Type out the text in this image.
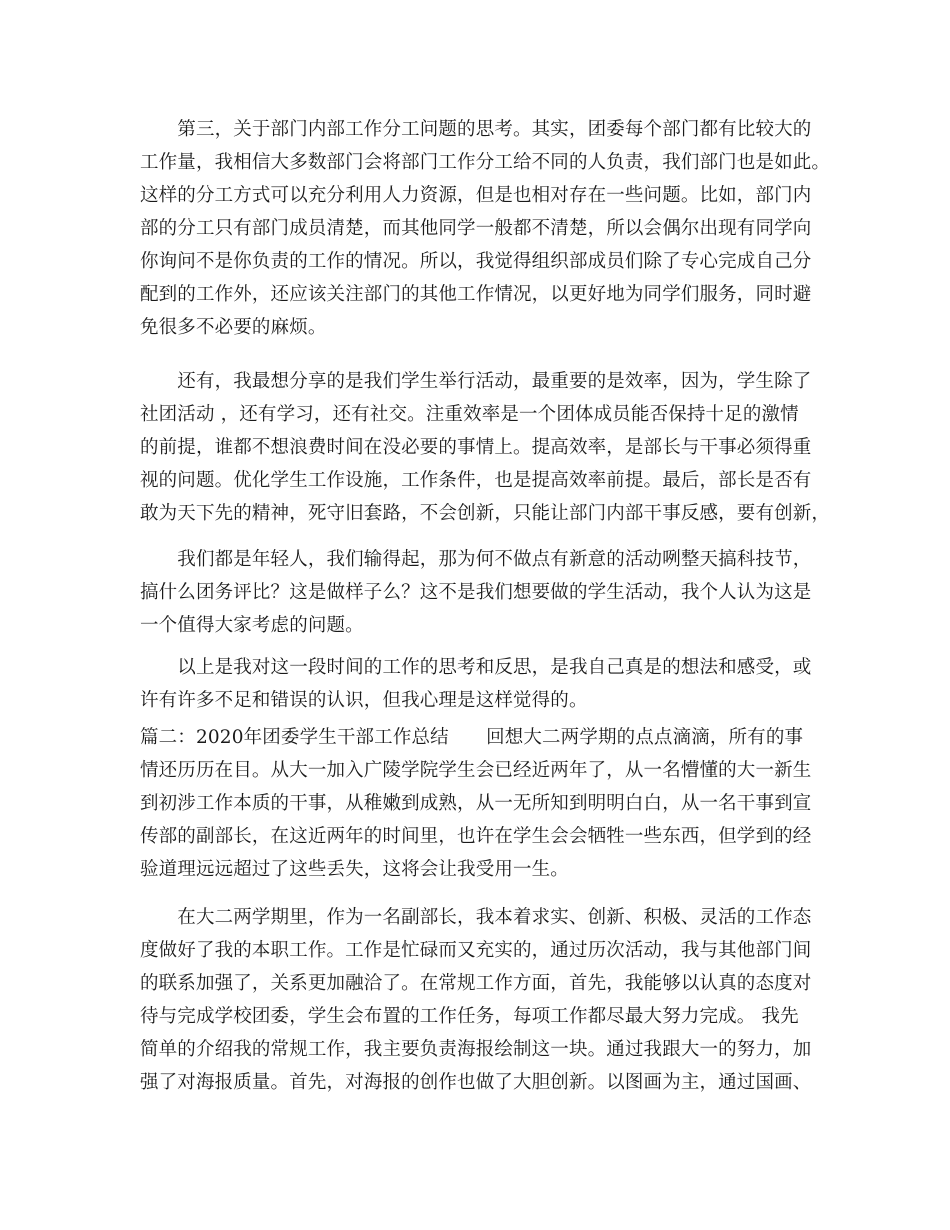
　　第三，关于部门内部工作分工问题的思考。其实，团委每个部门都有比较大的
工作量，我相信大多数部门会将部门工作分工给不同的人负责，我们部门也是如此。
这样的分工方式可以充分利用人力资源，但是也相对存在一些问题。比如，部门内
部的分工只有部门成员清楚，而其他同学一般都不清楚，所以会偶尔出现有同学向
你询问不是你负责的工作的情况。所以，我觉得组织部成员们除了专心完成自己分
配到的工作外，还应该关注部门的其他工作情况，以更好地为同学们服务，同时避
免很多不必要的麻烦。
　　还有，我最想分享的是我们学生举行活动，最重要的是效率，因为，学生除了
社团活动 ，还有学习，还有社交。注重效率是一个团体成员能否保持十足的激情
的前提，谁都不想浪费时间在没必要的事情上。提高效率，是部长与干事必须得重
视的问题。优化学生工作设施，工作条件，也是提高效率前提。最后，部长是否有
敢为天下先的精神，死守旧套路，不会创新，只能让部门内部干事反感，要有创新，
　　我们都是年轻人，我们输得起，那为何不做点有新意的活动咧整天搞科技节，
搞什么团务评比？这是做样子么？这不是我们想要做的学生活动，我个人认为这是
一个值得大家考虑的问题。
　　以上是我对这一段时间的工作的思考和反思，是我自己真是的想法和感受，或
许有许多不足和错误的认识，但我心理是这样觉得的。
篇二：2020年团委学生干部工作总结　　回想大二两学期的点点滴滴，所有的事
情还历历在目。从大一加入广陵学院学生会已经近两年了，从一名懵懂的大一新生
到初涉工作本质的干事，从稚嫩到成熟，从一无所知到明明白白，从一名干事到宣
传部的副部长，在这近两年的时间里，也许在学生会会牺牲一些东西，但学到的经
验道理远远超过了这些丢失，这将会让我受用一生。
　　在大二两学期里，作为一名副部长，我本着求实、创新、积极、灵活的工作态
度做好了我的本职工作。工作是忙碌而又充实的，通过历次活动，我与其他部门间
的联系加强了，关系更加融洽了。在常规工作方面，首先，我能够以认真的态度对
待与完成学校团委，学生会布置的工作任务，每项工作都尽最大努力完成。 我先
简单的介绍我的常规工作，我主要负责海报绘制这一块。通过我跟大一的努力，加
强了对海报质量。首先，对海报的创作也做了大胆创新。以图画为主，通过国画、
